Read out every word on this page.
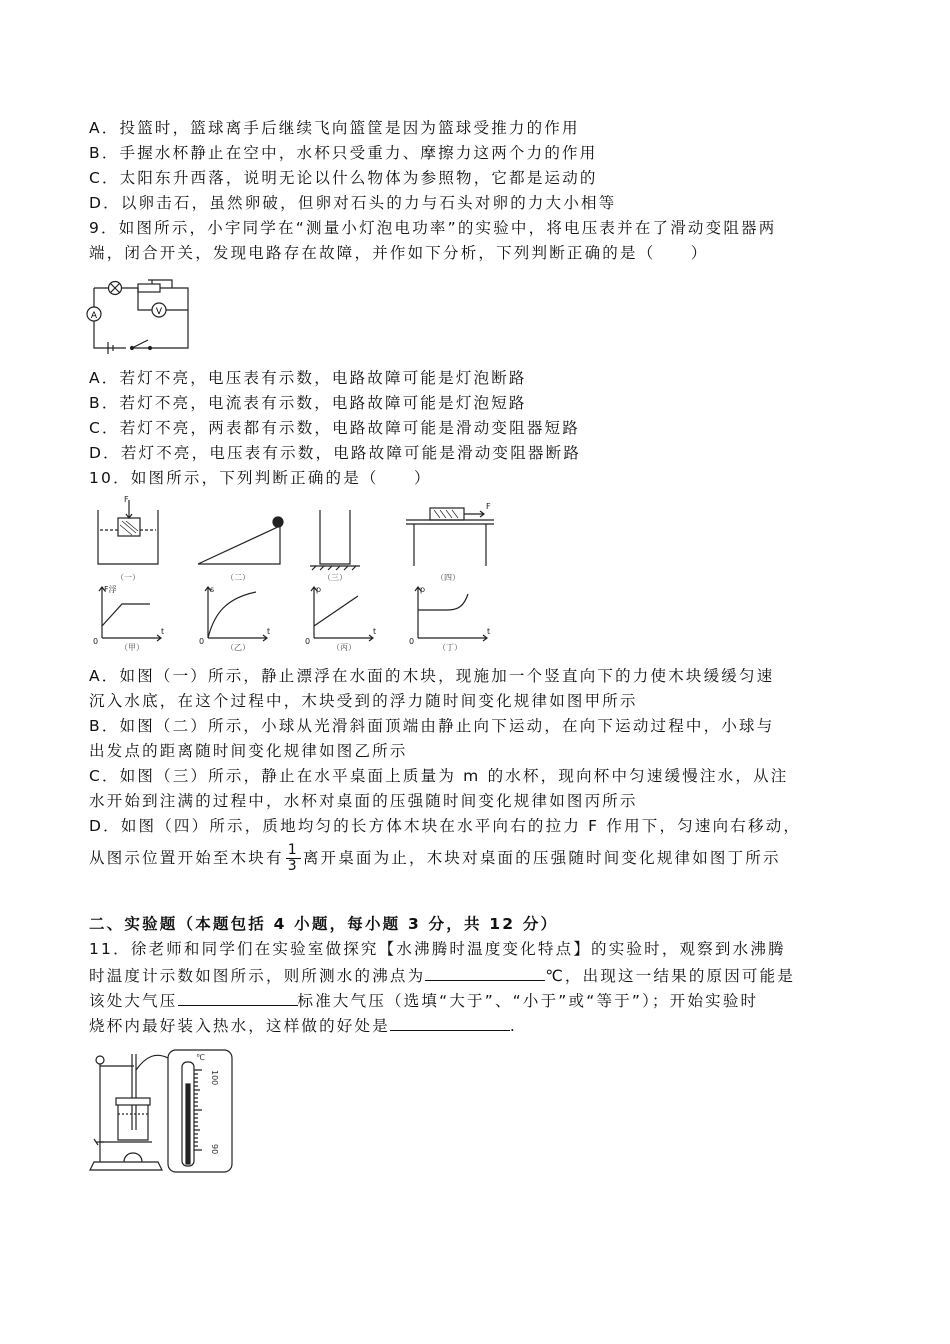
A．投篮时，篮球离手后继续飞向篮筐是因为篮球受推力的作用
B．手握水杯静止在空中，水杯只受重力、摩擦力这两个力的作用
C．太阳东升西落，说明无论以什么物体为参照物，它都是运动的
D．以卵击石，虽然卵破，但卵对石头的力与石头对卵的力大小相等
9．如图所示，小宇同学在“测量小灯泡电功率”的实验中，将电压表并在了滑动变阻器两
端，闭合开关，发现电路存在故障，并作如下分析，下列判断正确的是（　　）
A	V
A．若灯不亮，电压表有示数，电路故障可能是灯泡断路
B．若灯不亮，电流表有示数，电路故障可能是灯泡短路
C．若灯不亮，两表都有示数，电路故障可能是滑动变阻器短路
D．若灯不亮，电压表有示数，电路故障可能是滑动变阻器断路
10．如图所示，下列判断正确的是（　　）
（一）	（二）	（三）	（四）
（甲）	（乙）	（丙）	（丁）
F
F
F浮	s	p	p
0	0	0	0
t	t	t	t
A．如图（一）所示，静止漂浮在水面的木块，现施加一个竖直向下的力使木块缓缓匀速
沉入水底，在这个过程中，木块受到的浮力随时间变化规律如图甲所示
B．如图（二）所示，小球从光滑斜面顶端由静止向下运动，在向下运动过程中，小球与
出发点的距离随时间变化规律如图乙所示
C．如图（三）所示，静止在水平桌面上质量为 m 的水杯，现向杯中匀速缓慢注水，从注
水开始到注满的过程中，水杯对桌面的压强随时间变化规律如图丙所示
D．如图（四）所示，质地均匀的长方体木块在水平向右的拉力 F 作用下，匀速向右移动，
从图示位置开始至木块有 $\frac{1}{3}$ 离开桌面为止，木块对桌面的压强随时间变化规律如图丁所示
二、实验题（本题包括 4 小题，每小题 3 分，共 12 分）
11．徐老师和同学们在实验室做探究【水沸腾时温度变化特点】的实验时，观察到水沸腾
时温度计示数如图所示，则所测水的沸点为	℃，出现这一结果的原因可能是
该处大气压	标准大气压（选填“大于”、“小于”或“等于”）；开始实验时
烧杯内最好装入热水，这样做的好处是	.
℃
100
90
